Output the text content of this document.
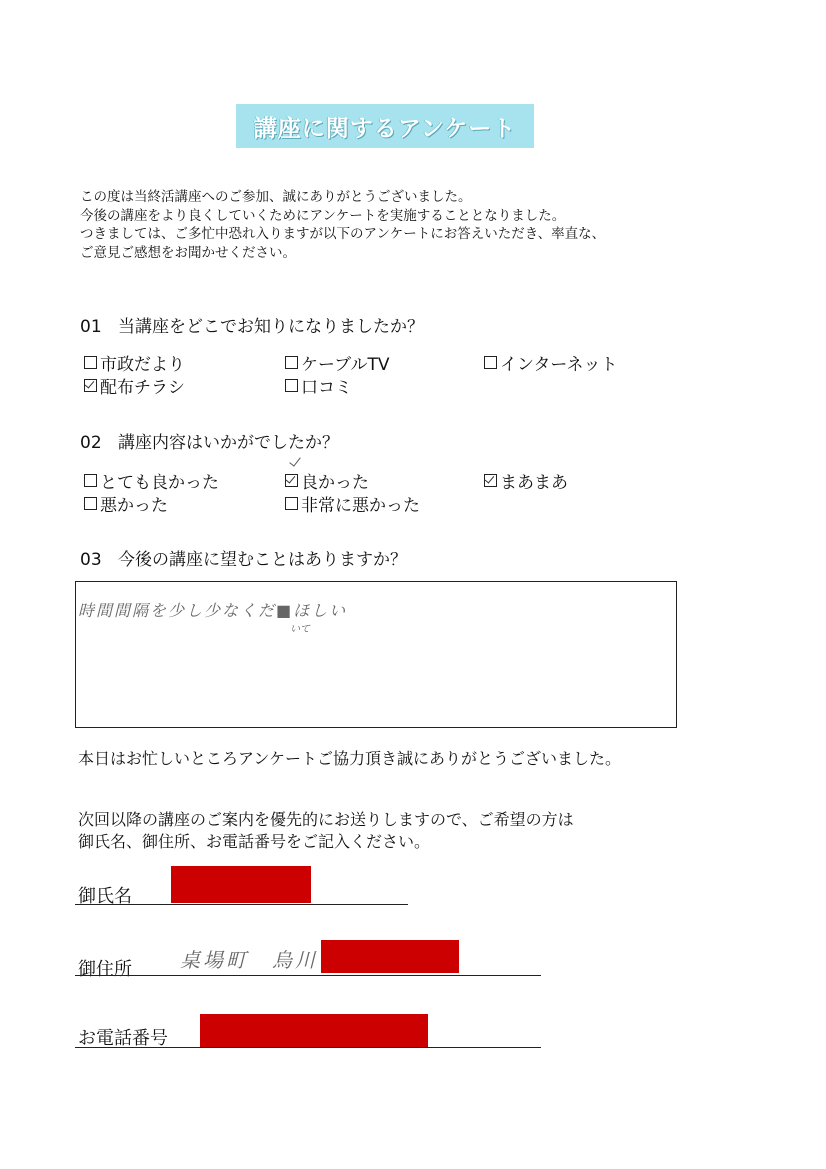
講座に関するアンケート
この度は当終活講座へのご参加、誠にありがとうございました。
今後の講座をより良くしていくためにアンケートを実施することとなりました。
つきましては、ご多忙中恐れ入りますが以下のアンケートにお答えいただき、率直な、
ご意見ご感想をお聞かせください。
01 当講座をどこでお知りになりましたか？
市政だより	ケーブルTV	インターネット
配布チラシ	口コミ
02 講座内容はいかがでしたか？
とても良かった	良かった	まあまあ
悪かった	非常に悪かった
03 今後の講座に望むことはありますか？
時間間隔を少し少なくだ■ほしい
いて
本日はお忙しいところアンケートご協力頂き誠にありがとうございました。
次回以降の講座のご案内を優先的にお送りしますので、ご希望の方は
御氏名、御住所、お電話番号をご記入ください。
御氏名
御住所 桌場町　烏川
お電話番号
